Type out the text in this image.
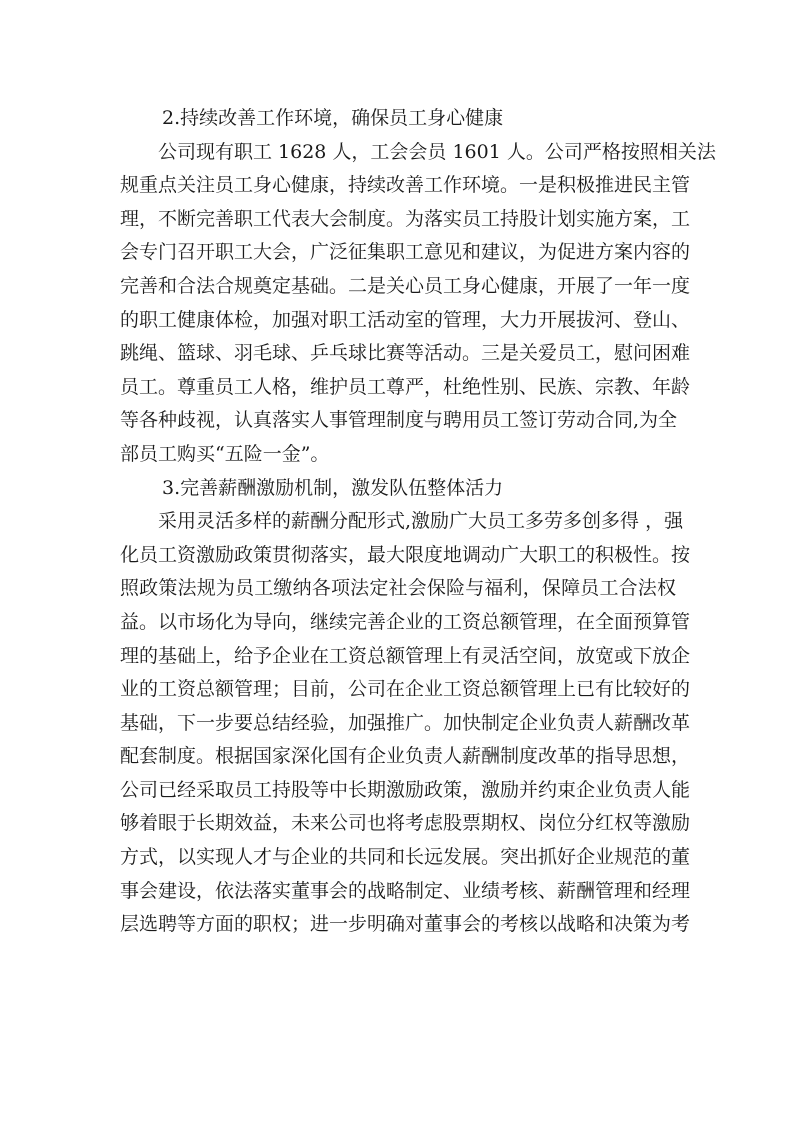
2.持续改善工作环境，确保员工身心健康

公司现有职工 1628 人，工会会员 1601 人。公司严格按照相关法

规重点关注员工身心健康，持续改善工作环境。一是积极推进民主管

理，不断完善职工代表大会制度。为落实员工持股计划实施方案，工

会专门召开职工大会，广泛征集职工意见和建议，为促进方案内容的

完善和合法合规奠定基础。二是关心员工身心健康，开展了一年一度

的职工健康体检，加强对职工活动室的管理，大力开展拔河、登山、

跳绳、篮球、羽毛球、乒乓球比赛等活动。三是关爱员工，慰问困难

员工。尊重员工人格，维护员工尊严，杜绝性别、民族、宗教、年龄

等各种歧视，认真落实人事管理制度与聘用员工签订劳动合同,为全

部员工购买“五险一金”。

3.完善薪酬激励机制，激发队伍整体活力

采用灵活多样的薪酬分配形式,激励广大员工多劳多创多得 ，强

化员工资激励政策贯彻落实，最大限度地调动广大职工的积极性。按

照政策法规为员工缴纳各项法定社会保险与福利，保障员工合法权

益。以市场化为导向，继续完善企业的工资总额管理，在全面预算管

理的基础上，给予企业在工资总额管理上有灵活空间，放宽或下放企

业的工资总额管理；目前，公司在企业工资总额管理上已有比较好的

基础，下一步要总结经验，加强推广。加快制定企业负责人薪酬改革

配套制度。根据国家深化国有企业负责人薪酬制度改革的指导思想，

公司已经采取员工持股等中长期激励政策，激励并约束企业负责人能

够着眼于长期效益，未来公司也将考虑股票期权、岗位分红权等激励

方式，以实现人才与企业的共同和长远发展。突出抓好企业规范的董

事会建设，依法落实董事会的战略制定、业绩考核、薪酬管理和经理

层选聘等方面的职权；进一步明确对董事会的考核以战略和决策为考
